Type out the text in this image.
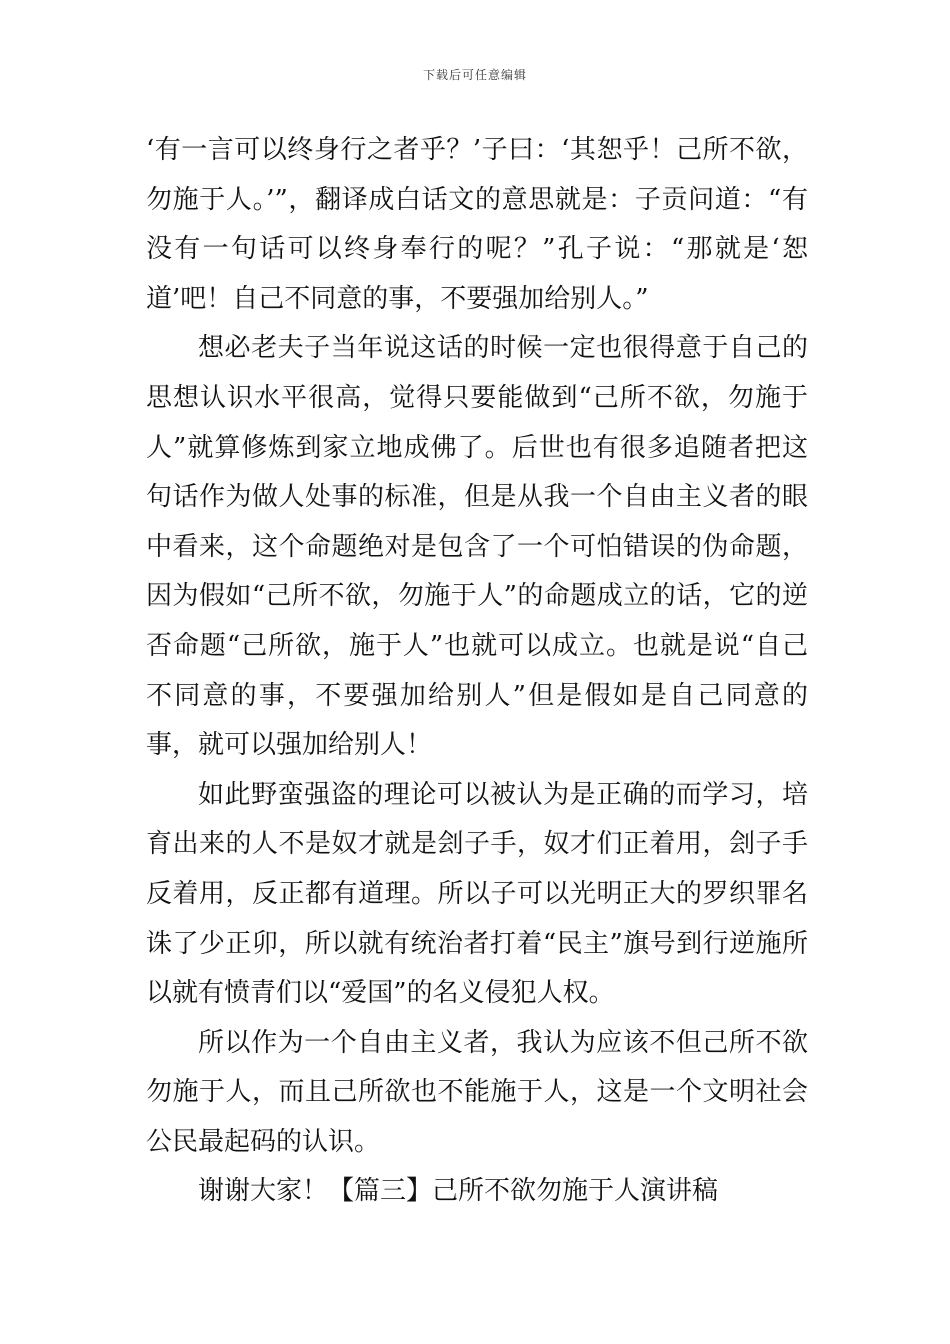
下载后可任意编辑

‘有一言可以终身行之者乎？’子曰：‘其恕乎！己所不欲，勿施于人。’”，翻译成白话文的意思就是：子贡问道：“有没有一句话可以终身奉行的呢？”孔子说：“那就是‘恕道’吧！自己不同意的事，不要强加给别人。”

想必老夫子当年说这话的时候一定也很得意于自己的思想认识水平很高，觉得只要能做到“己所不欲，勿施于人”就算修炼到家立地成佛了。后世也有很多追随者把这句话作为做人处事的标准，但是从我一个自由主义者的眼中看来，这个命题绝对是包含了一个可怕错误的伪命题，因为假如“己所不欲，勿施于人”的命题成立的话，它的逆否命题“己所欲，施于人”也就可以成立。也就是说“自己不同意的事，不要强加给别人”但是假如是自己同意的事，就可以强加给别人！

如此野蛮强盗的理论可以被认为是正确的而学习，培育出来的人不是奴才就是刽子手，奴才们正着用，刽子手反着用，反正都有道理。所以子可以光明正大的罗织罪名诛了少正卯，所以就有统治者打着“民主”旗号到行逆施所以就有愤青们以“爱国”的名义侵犯人权。

所以作为一个自由主义者，我认为应该不但己所不欲勿施于人，而且己所欲也不能施于人，这是一个文明社会公民最起码的认识。

谢谢大家！【篇三】己所不欲勿施于人演讲稿
